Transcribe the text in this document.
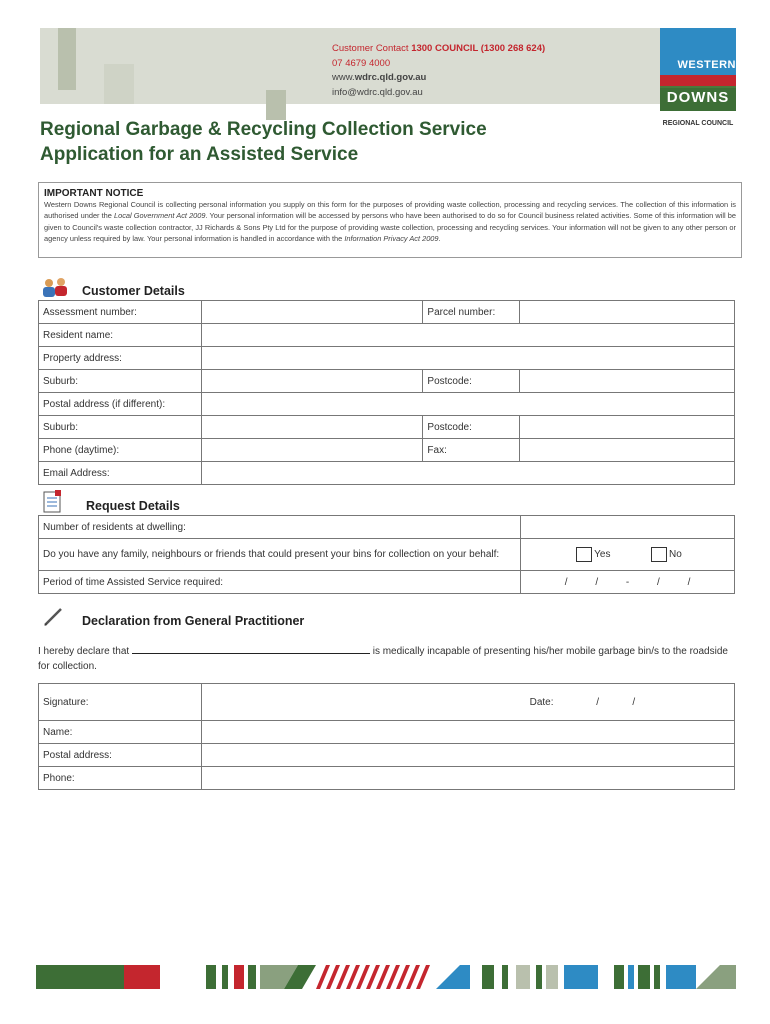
Customer Contact 1300 COUNCIL (1300 268 624)
07 4679 4000
www.wdrc.qld.gov.au
info@wdrc.qld.gov.au
WESTERN
DOWNS
REGIONAL COUNCIL
Regional Garbage & Recycling Collection Service
Application for an Assisted Service
IMPORTANT NOTICE
Western Downs Regional Council is collecting personal information you supply on this form for the purposes of providing waste collection, processing and recycling services. The collection of this information is authorised under the Local Government Act 2009. Your personal information will be accessed by persons who have been authorised to do so for Council business related activities. Some of this information will be given to Council's waste collection contractor, JJ Richards & Sons Pty Ltd for the purpose of providing waste collection, processing and recycling services. Your information will not be given to any other person or agency unless required by law. Your personal information is handled in accordance with the Information Privacy Act 2009.
Customer Details
Assessment number:		Parcel number:	
Resident name:			
Property address:			
Suburb:		Postcode:	
Postal address (if different):			
Suburb:		Postcode:	
Phone (daytime):		Fax:	
Email Address:			
Request Details
Number of residents at dwelling:	
Do you have any family, neighbours or friends that could present your bins for collection on your behalf:	Yes No
Period of time Assisted Service required:	/          /          -          /          /
Declaration from General Practitioner
I hereby declare that	is medically incapable of presenting his/her mobile garbage bin/s to the roadside for collection.
Signature:	Date: /            /
Name:	
Postal address:	
Phone:	
